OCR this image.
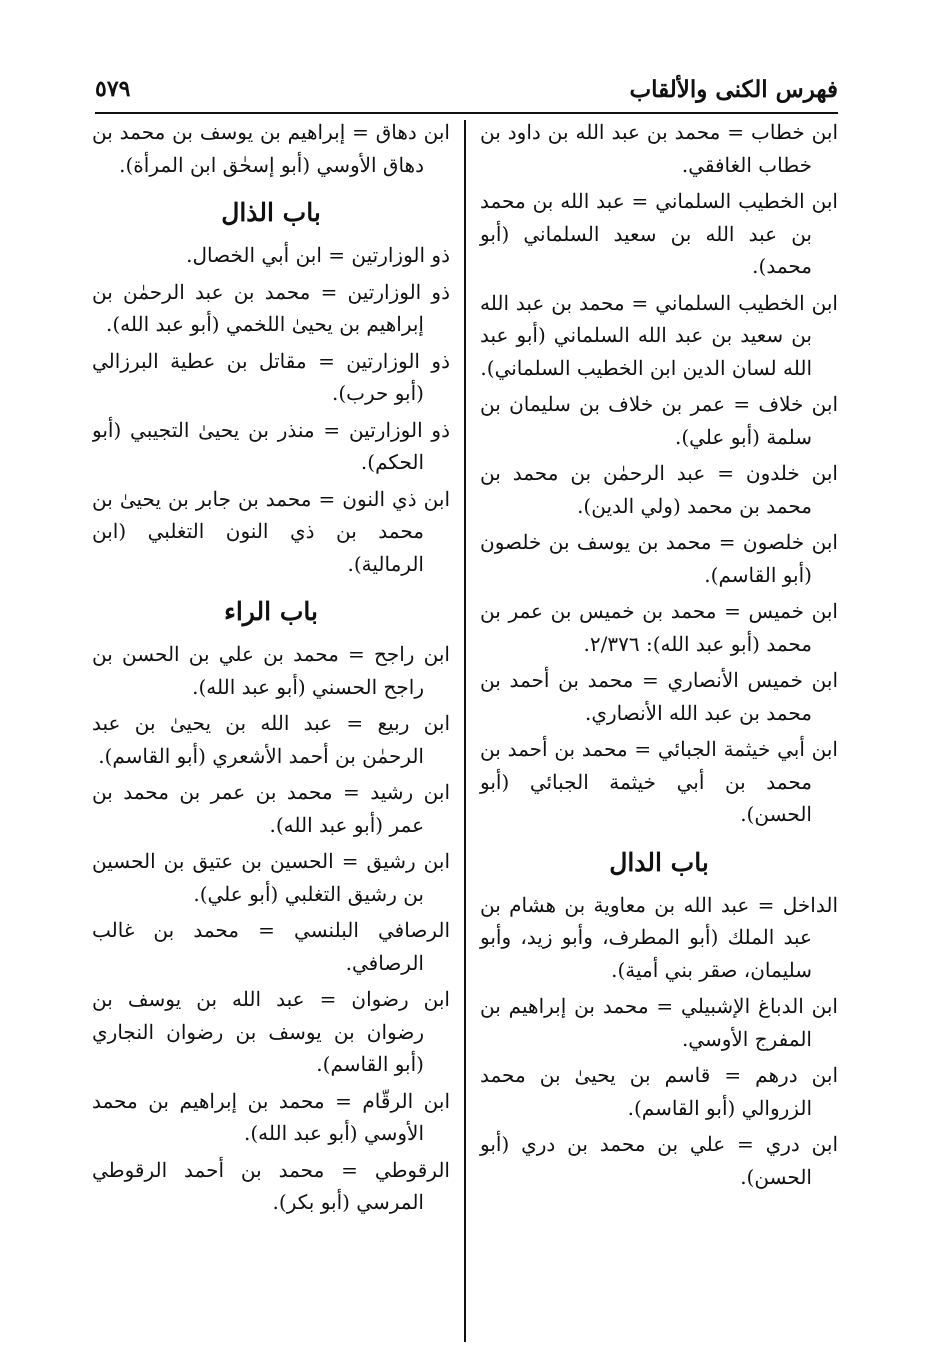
فهرس الكنى والألقاب
٥٧٩

ابن خطاب = محمد بن عبد الله بن داود بن خطاب الغافقي.

ابن الخطيب السلماني = عبد الله بن محمد بن عبد الله بن سعيد السلماني (أبو محمد).

ابن الخطيب السلماني = محمد بن عبد الله بن سعيد بن عبد الله السلماني (أبو عبد الله لسان الدين ابن الخطيب السلماني).

ابن خلاف = عمر بن خلاف بن سليمان بن سلمة (أبو علي).

ابن خلدون = عبد الرحمٰن بن محمد بن محمد بن محمد (ولي الدين).

ابن خلصون = محمد بن يوسف بن خلصون (أبو القاسم).

ابن خميس = محمد بن خميس بن عمر بن محمد (أبو عبد الله): ٢/٣٧٦.

ابن خميس الأنصاري = محمد بن أحمد بن محمد بن عبد الله الأنصاري.

ابن أبي خيثمة الجبائي = محمد بن أحمد بن محمد بن أبي خيثمة الجبائي (أبو الحسن).

باب الدال

الداخل = عبد الله بن معاوية بن هشام بن عبد الملك (أبو المطرف، وأبو زيد، وأبو سليمان، صقر بني أمية).

ابن الدباغ الإشبيلي = محمد بن إبراهيم بن المفرج الأوسي.

ابن درهم = قاسم بن يحيىٰ بن محمد الزروالي (أبو القاسم).

ابن دري = علي بن محمد بن دري (أبو الحسن).

ابن دهاق = إبراهيم بن يوسف بن محمد بن دهاق الأوسي (أبو إسحٰق ابن المرأة).

باب الذال

ذو الوزارتين = ابن أبي الخصال.

ذو الوزارتين = محمد بن عبد الرحمٰن بن إبراهيم بن يحيىٰ اللخمي (أبو عبد الله).

ذو الوزارتين = مقاتل بن عطية البرزالي (أبو حرب).

ذو الوزارتين = منذر بن يحيىٰ التجيبي (أبو الحكم).

ابن ذي النون = محمد بن جابر بن يحيىٰ بن محمد بن ذي النون التغلبي (ابن الرمالية).

باب الراء

ابن راجح = محمد بن علي بن الحسن بن راجح الحسني (أبو عبد الله).

ابن ربيع = عبد الله بن يحيىٰ بن عبد الرحمٰن بن أحمد الأشعري (أبو القاسم).

ابن رشيد = محمد بن عمر بن محمد بن عمر (أبو عبد الله).

ابن رشيق = الحسين بن عتيق بن الحسين بن رشيق التغلبي (أبو علي).

الرصافي البلنسي = محمد بن غالب الرصافي.

ابن رضوان = عبد الله بن يوسف بن رضوان بن يوسف بن رضوان النجاري (أبو القاسم).

ابن الرقّام = محمد بن إبراهيم بن محمد الأوسي (أبو عبد الله).

الرقوطي = محمد بن أحمد الرقوطي المرسي (أبو بكر).
